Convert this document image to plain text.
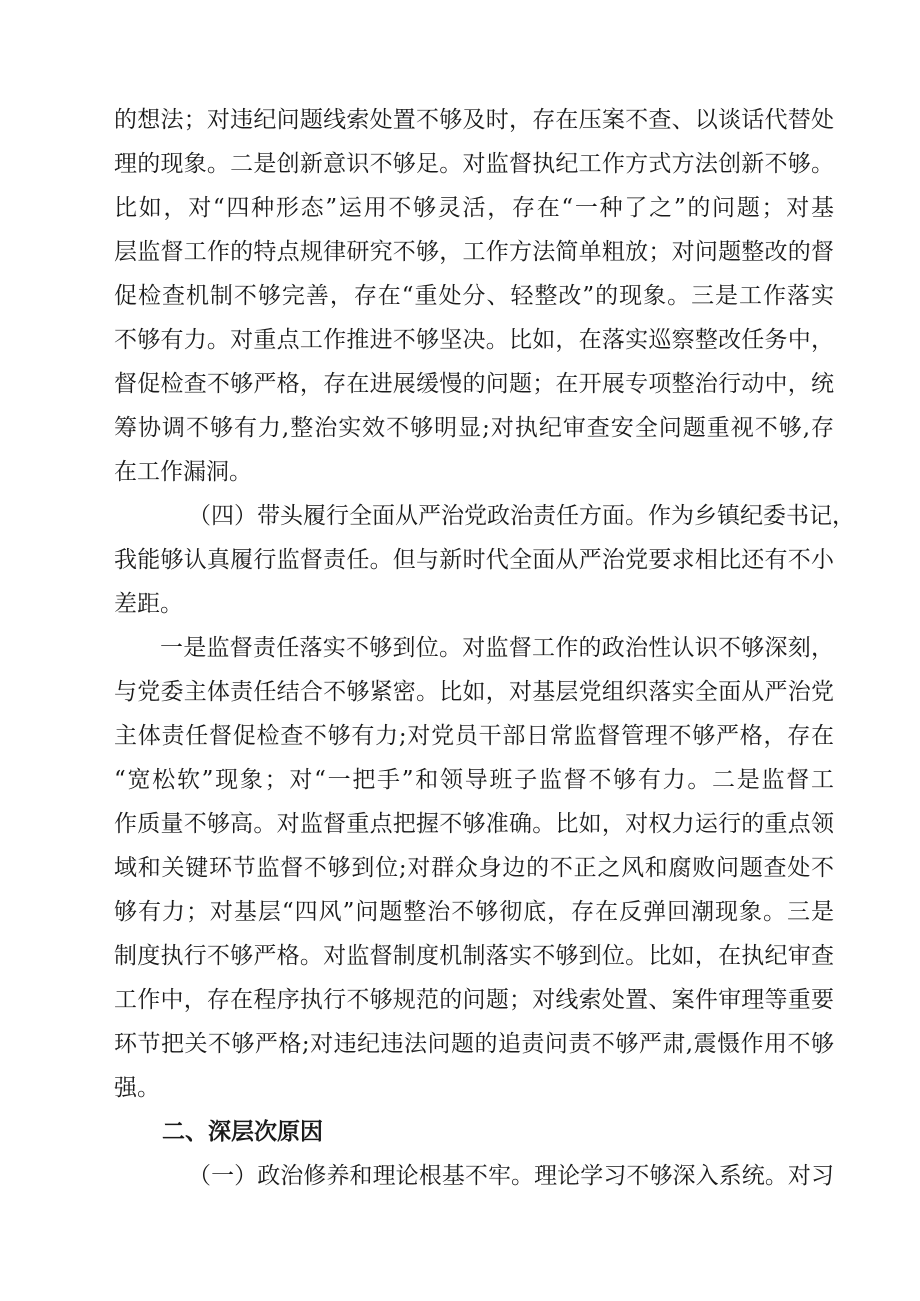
的想法；对违纪问题线索处置不够及时，存在压案不查、以谈话代替处
理的现象。二是创新意识不够足。对监督执纪工作方式方法创新不够。
比如，对“四种形态”运用不够灵活，存在“一种了之”的问题；对基
层监督工作的特点规律研究不够，工作方法简单粗放；对问题整改的督
促检查机制不够完善，存在“重处分、轻整改”的现象。三是工作落实
不够有力。对重点工作推进不够坚决。比如，在落实巡察整改任务中，
督促检查不够严格，存在进展缓慢的问题；在开展专项整治行动中，统
筹协调不够有力,整治实效不够明显;对执纪审查安全问题重视不够,存
在工作漏洞。
（四）带头履行全面从严治党政治责任方面。作为乡镇纪委书记，
我能够认真履行监督责任。但与新时代全面从严治党要求相比还有不小
差距。
一是监督责任落实不够到位。对监督工作的政治性认识不够深刻，
与党委主体责任结合不够紧密。比如，对基层党组织落实全面从严治党
主体责任督促检查不够有力;对党员干部日常监督管理不够严格，存在
“宽松软”现象；对“一把手”和领导班子监督不够有力。二是监督工
作质量不够高。对监督重点把握不够准确。比如，对权力运行的重点领
域和关键环节监督不够到位;对群众身边的不正之风和腐败问题查处不
够有力；对基层“四风”问题整治不够彻底，存在反弹回潮现象。三是
制度执行不够严格。对监督制度机制落实不够到位。比如，在执纪审查
工作中，存在程序执行不够规范的问题；对线索处置、案件审理等重要
环节把关不够严格;对违纪违法问题的追责问责不够严肃,震慑作用不够
强。
二、深层次原因
（一）政治修养和理论根基不牢。理论学习不够深入系统。对习
